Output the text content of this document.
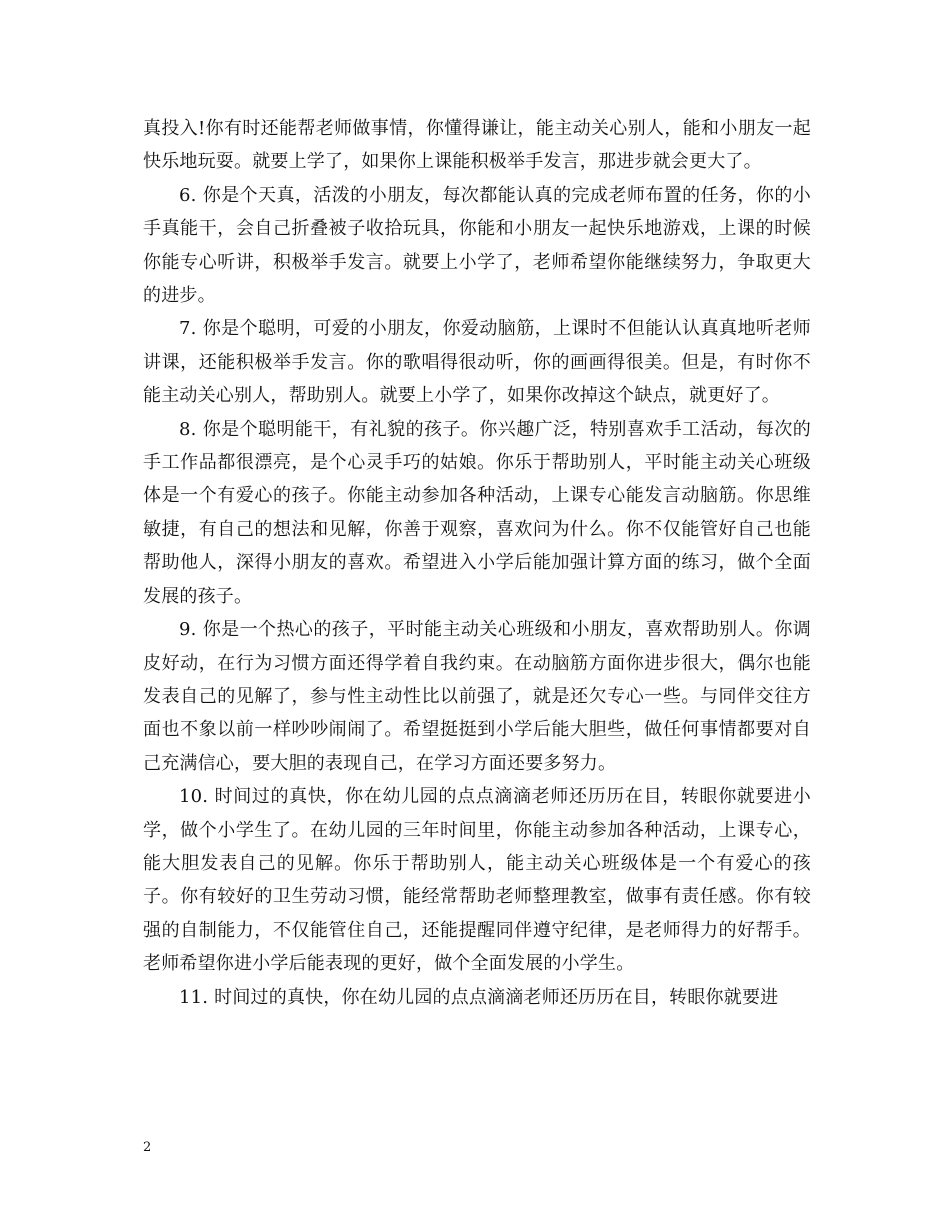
真投入!你有时还能帮老师做事情，你懂得谦让，能主动关心别人，能和小朋友一起快乐地玩耍。就要上学了，如果你上课能积极举手发言，那进步就会更大了。

6. 你是个天真，活泼的小朋友，每次都能认真的完成老师布置的任务，你的小手真能干，会自己折叠被子收拾玩具，你能和小朋友一起快乐地游戏，上课的时候你能专心听讲，积极举手发言。就要上小学了，老师希望你能继续努力，争取更大的进步。

7. 你是个聪明，可爱的小朋友，你爱动脑筋，上课时不但能认认真真地听老师讲课，还能积极举手发言。你的歌唱得很动听，你的画画得很美。但是，有时你不能主动关心别人，帮助别人。就要上小学了，如果你改掉这个缺点，就更好了。

8. 你是个聪明能干，有礼貌的孩子。你兴趣广泛，特别喜欢手工活动，每次的手工作品都很漂亮，是个心灵手巧的姑娘。你乐于帮助别人，平时能主动关心班级体是一个有爱心的孩子。你能主动参加各种活动，上课专心能发言动脑筋。你思维敏捷，有自己的想法和见解，你善于观察，喜欢问为什么。你不仅能管好自己也能帮助他人，深得小朋友的喜欢。希望进入小学后能加强计算方面的练习，做个全面发展的孩子。

9. 你是一个热心的孩子，平时能主动关心班级和小朋友，喜欢帮助别人。你调皮好动，在行为习惯方面还得学着自我约束。在动脑筋方面你进步很大，偶尔也能发表自己的见解了，参与性主动性比以前强了，就是还欠专心一些。与同伴交往方面也不象以前一样吵吵闹闹了。希望挺挺到小学后能大胆些，做任何事情都要对自己充满信心，要大胆的表现自己，在学习方面还要多努力。

10. 时间过的真快，你在幼儿园的点点滴滴老师还历历在目，转眼你就要进小学，做个小学生了。在幼儿园的三年时间里，你能主动参加各种活动，上课专心，能大胆发表自己的见解。你乐于帮助别人，能主动关心班级体是一个有爱心的孩子。你有较好的卫生劳动习惯，能经常帮助老师整理教室，做事有责任感。你有较强的自制能力，不仅能管住自己，还能提醒同伴遵守纪律，是老师得力的好帮手。老师希望你进小学后能表现的更好，做个全面发展的小学生。

11. 时间过的真快，你在幼儿园的点点滴滴老师还历历在目，转眼你就要进

2
